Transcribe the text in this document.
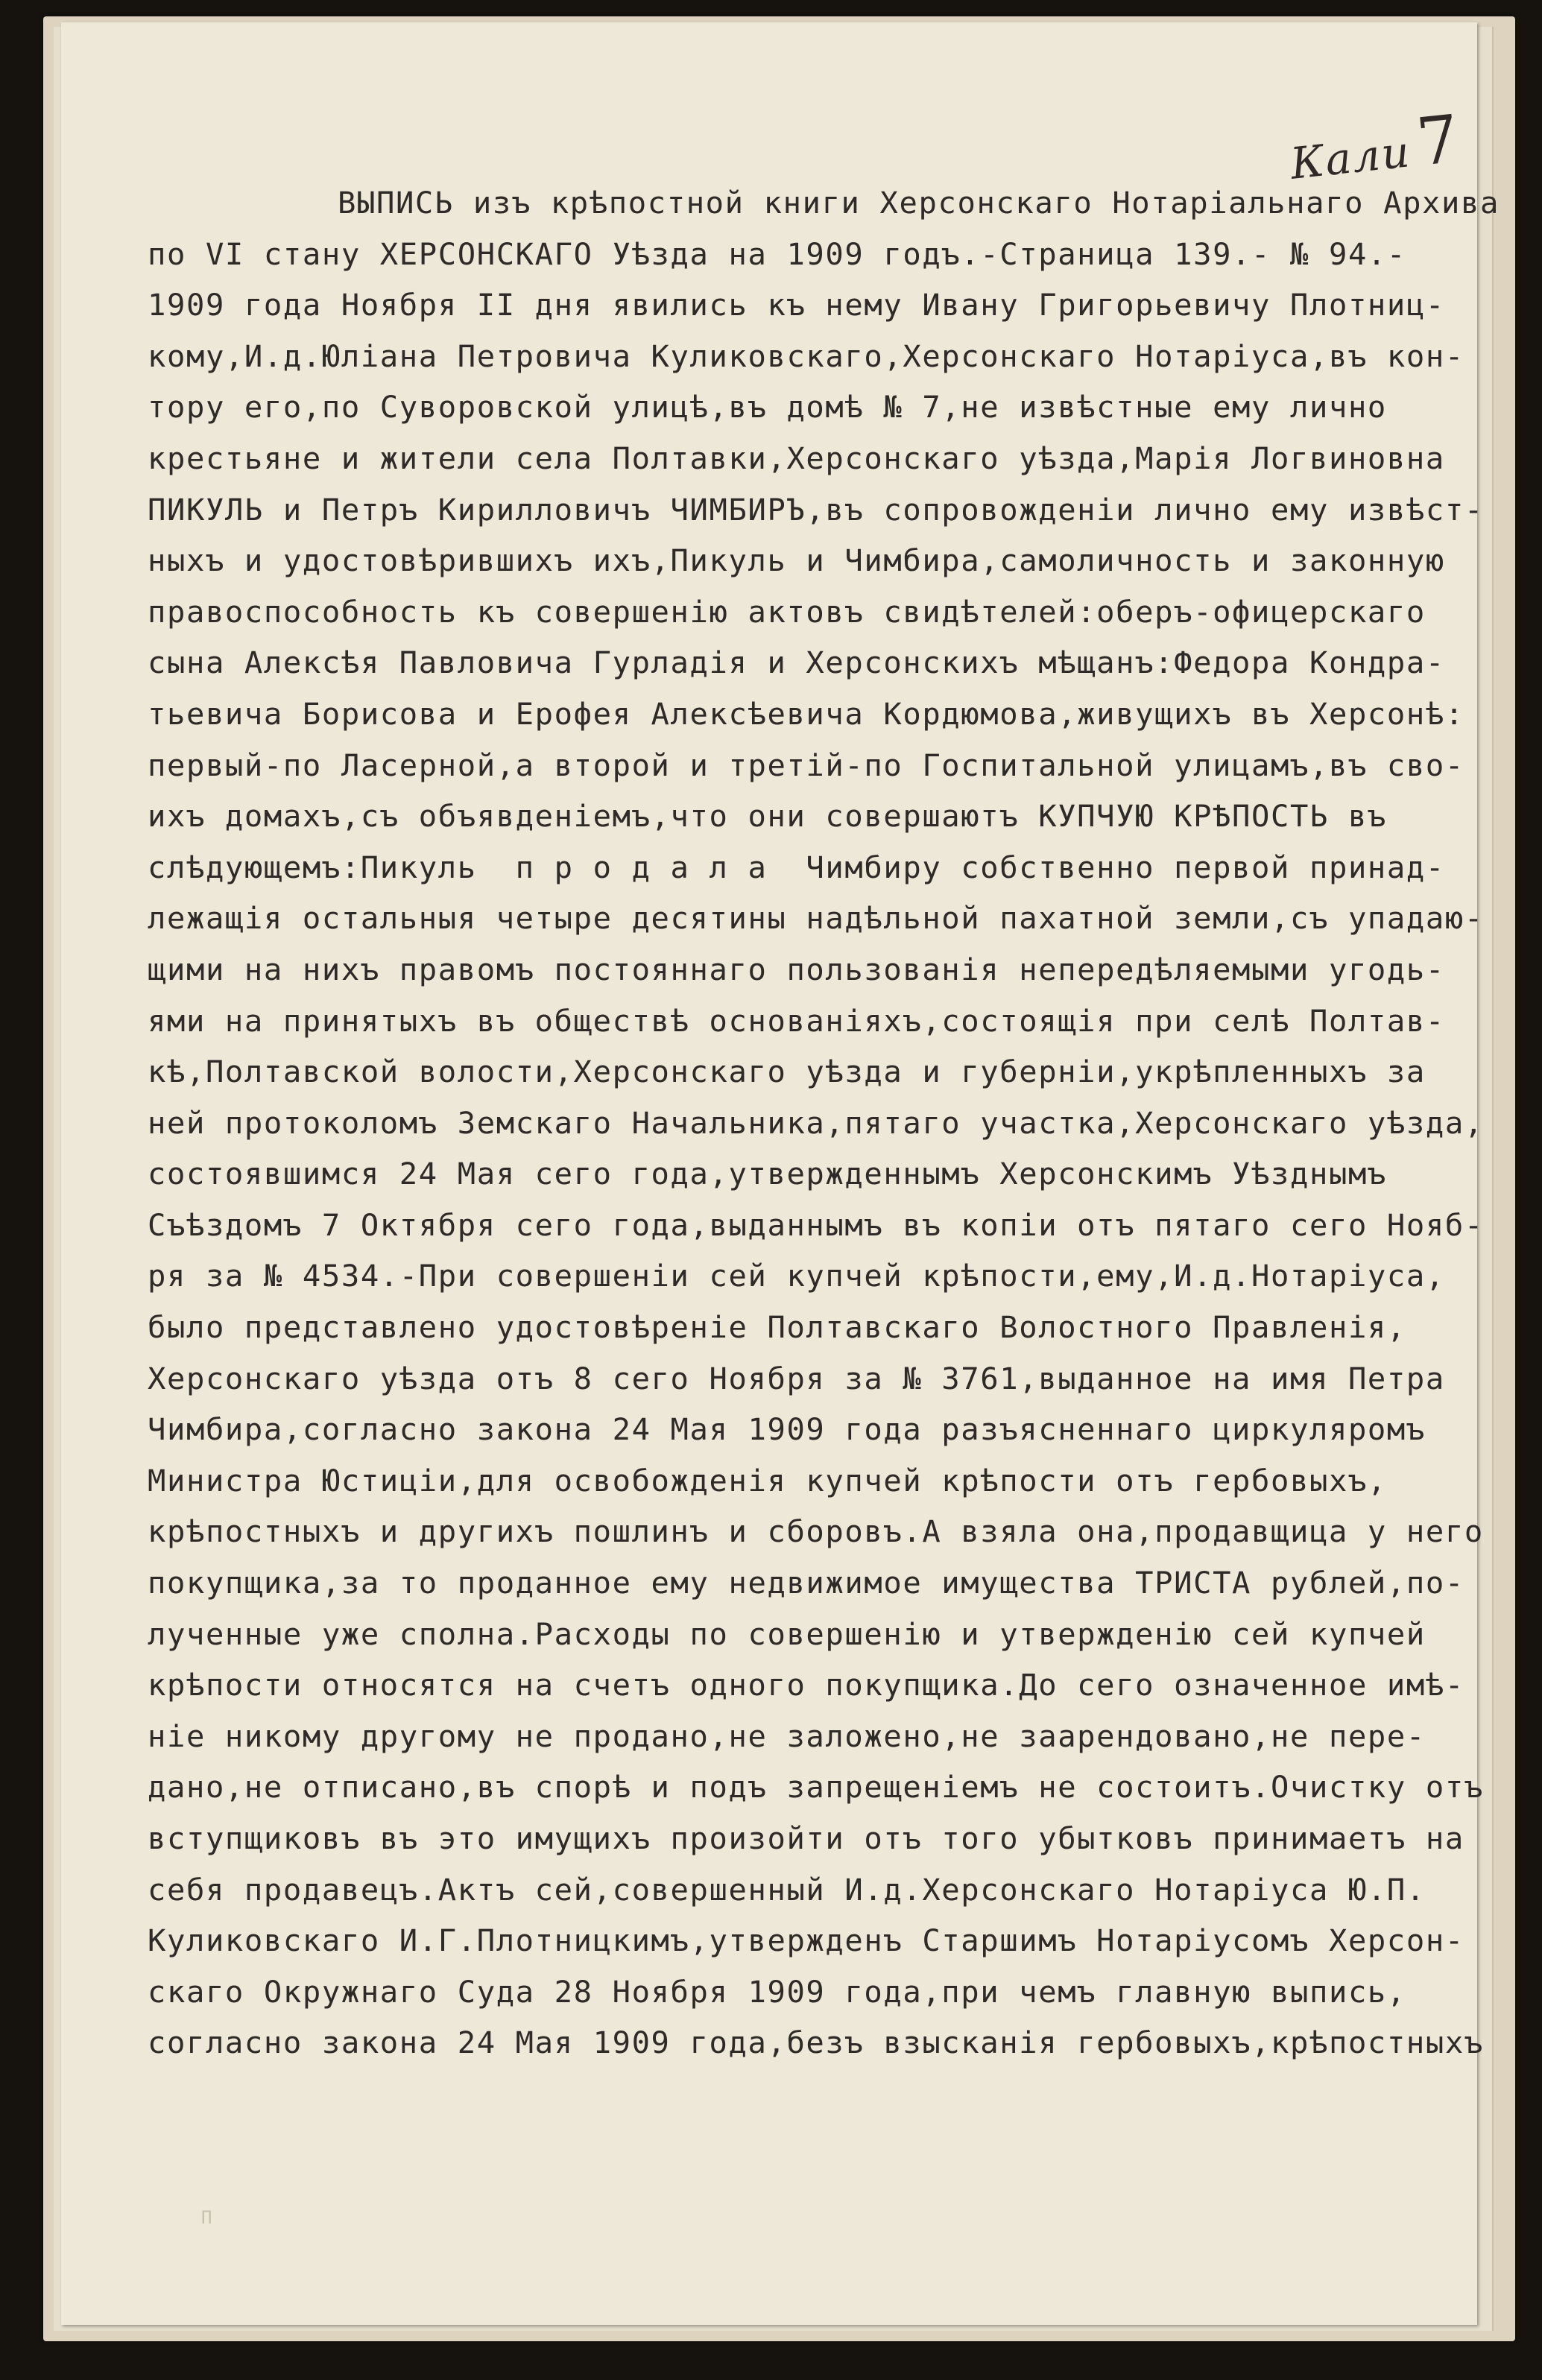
Кали7
ВЫПИСЬ изъ крѣпостной книги Херсонскаго Нотаріальнаго Архива
по VI стану ХЕРСОНСКАГО Уѣзда на 1909 годъ.-Страница 139.- № 94.-
1909 года Ноября II дня явились къ нему Ивану Григорьевичу Плотниц-
кому,И.д.Юліана Петровича Куликовскаго,Херсонскаго Нотаріуса,въ кон-
тору его,по Суворовской улицѣ,въ домѣ № 7,не извѣстные ему лично
крестьяне и жители села Полтавки,Херсонскаго уѣзда,Марія Логвиновна
ПИКУЛЬ и Петръ Кирилловичъ ЧИМБИРЪ,въ сопровожденіи лично ему извѣст-
ныхъ и удостовѣрившихъ ихъ,Пикуль и Чимбира,самоличность и законную
правоспособность къ совершенію актовъ свидѣтелей:оберъ-офицерскаго
сына Алексѣя Павловича Гурладія и Херсонскихъ мѣщанъ:Федора Кондра-
тьевича Борисова и Ерофея Алексѣевича Кордюмова,живущихъ въ Херсонѣ:
первый-по Ласерной,а второй и третій-по Госпитальной улицамъ,въ сво-
ихъ домахъ,съ объявденіемъ,что они совершаютъ КУПЧУЮ КРѢПОСТЬ въ
слѣдующемъ:Пикуль  п р о д а л а  Чимбиру собственно первой принад-
лежащія остальныя четыре десятины надѣльной пахатной земли,съ упадаю-
щими на нихъ правомъ постояннаго пользованія непередѣляемыми угодь-
ями на принятыхъ въ обществѣ основаніяхъ,состоящія при селѣ Полтав-
кѣ,Полтавской волости,Херсонскаго уѣзда и губерніи,укрѣпленныхъ за
ней протоколомъ Земскаго Начальника,пятаго участка,Херсонскаго уѣзда,
состоявшимся 24 Мая сего года,утвержденнымъ Херсонскимъ Уѣзднымъ
Съѣздомъ 7 Октября сего года,выданнымъ въ копіи отъ пятаго сего Нояб-
ря за № 4534.-При совершеніи сей купчей крѣпости,ему,И.д.Нотаріуса,
было представлено удостовѣреніе Полтавскаго Волостного Правленія,
Херсонскаго уѣзда отъ 8 сего Ноября за № 3761,выданное на имя Петра
Чимбира,согласно закона 24 Мая 1909 года разъясненнаго циркуляромъ
Министра Юстиціи,для освобожденія купчей крѣпости отъ гербовыхъ,
крѣпостныхъ и другихъ пошлинъ и сборовъ.А взяла она,продавщица у него
покупщика,за то проданное ему недвижимое имущества ТРИСТА рублей,по-
лученные уже сполна.Расходы по совершенію и утвержденію сей купчей
крѣпости относятся на счетъ одного покупщика.До сего означенное имѣ-
ніе никому другому не продано,не заложено,не заарендовано,не пере-
дано,не отписано,въ спорѣ и подъ запрещеніемъ не состоитъ.Очистку отъ
вступщиковъ въ это имущихъ произойти отъ того убытковъ принимаетъ на
себя продавецъ.Актъ сей,совершенный И.д.Херсонскаго Нотаріуса Ю.П.
Куликовскаго И.Г.Плотницкимъ,утвержденъ Старшимъ Нотаріусомъ Херсон-
скаго Окружнаго Суда 28 Ноября 1909 года,при чемъ главную выпись,
согласно закона 24 Мая 1909 года,безъ взысканія гербовыхъ,крѣпостныхъ
П
